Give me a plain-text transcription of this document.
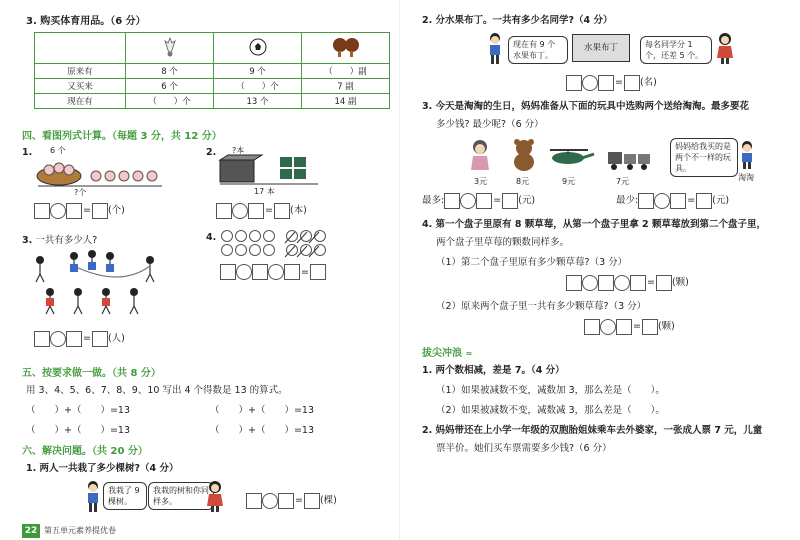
3. 购买体育用品。（6 分）

原来有	8 个	9 个	（　　）副
又买来	6 个	（　　）个	7 副
现在有	（　　）个	13 个	14 副
四、看图列式计算。（每题 3 分，共 12 分）
1. 6 个
?个
= (个)
2. ?本
17 本
= (本)
3. 一共有多少人?
= (人)
4.

=
五、按要求做一做。（共 8 分）
用 3、4、5、6、7、8、9、10 写出 4 个得数是 13 的算式。
（　　）+（　　）=13	（　　）+（　　）=13
（　　）+（　　）=13	（　　）+（　　）=13
六、解决问题。（共 20 分）
1. 两人一共栽了多少棵树?（4 分）
我栽了 9棵树。
我栽的树和你同样多。	= (棵)
22 第五单元素养提优卷
2. 分水果布丁。一共有多少名同学?（4 分）
现在有 9 个水果布丁。
水果布丁	每名同学分 1 个，还差 5 个。
= (名)
3. 今天是淘淘的生日，妈妈准备从下面的玩具中选购两个送给淘淘。最多要花
多少钱? 最少呢?（6 分）
3元	8元	9元	7元
妈妈给我买的是两个不一样的玩具。
淘淘
最多:	= (元)	最少:	= (元)
4. 第一个盘子里原有 8 颗草莓，从第一个盘子里拿 2 颗草莓放到第二个盘子里，
两个盘子里草莓的颗数同样多。
（1）第二个盘子里原有多少颗草莓?（3 分）
= (颗)
（2）原来两个盘子里一共有多少颗草莓?（3 分）
= (颗)
拔尖冲浪 ≈
1. 两个数相减，差是 7。（4 分）
（1）如果被减数不变，减数加 3，那么差是（　　）。
（2）如果被减数不变，减数减 3，那么差是（　　）。
2. 妈妈带还在上小学一年级的双胞胎姐妹乘车去外婆家，一张成人票 7 元，儿童
票半价。她们买车票需要多少钱?（6 分）
